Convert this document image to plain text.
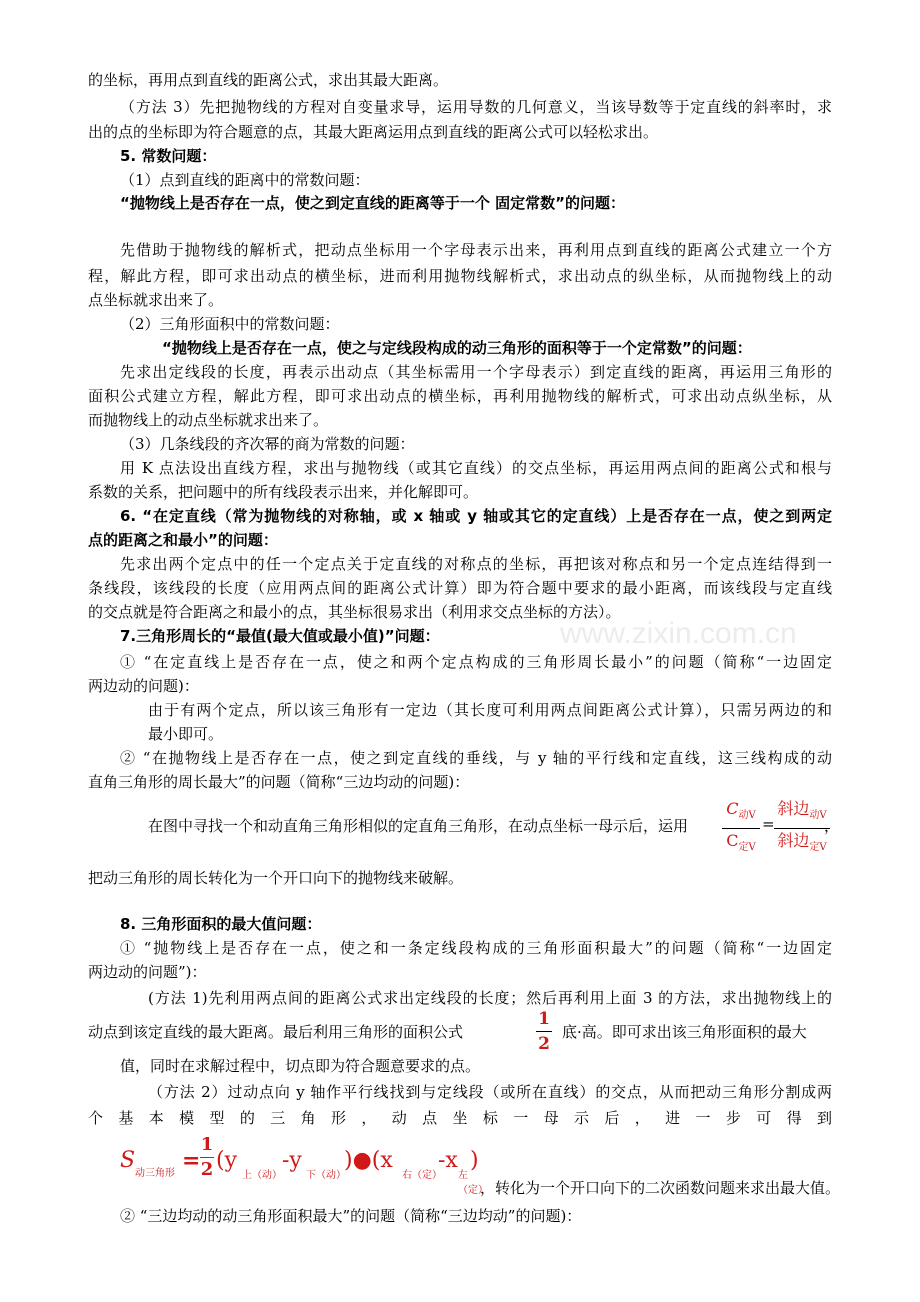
的坐标，再用点到直线的距离公式，求出其最大距离。
（方法 3）先把抛物线的方程对自变量求导，运用导数的几何意义，当该导数等于定直线的斜率时，求
出的点的坐标即为符合题意的点，其最大距离运用点到直线的距离公式可以轻松求出。
5. 常数问题：
（1）点到直线的距离中的常数问题：
“抛物线上是否存在一点，使之到定直线的距离等于一个 固定常数”的问题：
先借助于抛物线的解析式，把动点坐标用一个字母表示出来，再利用点到直线的距离公式建立一个方
程，解此方程，即可求出动点的横坐标，进而利用抛物线解析式，求出动点的纵坐标，从而抛物线上的动
点坐标就求出来了。
（2）三角形面积中的常数问题：
“抛物线上是否存在一点，使之与定线段构成的动三角形的面积等于一个定常数”的问题：
先求出定线段的长度，再表示出动点（其坐标需用一个字母表示）到定直线的距离，再运用三角形的
面积公式建立方程，解此方程，即可求出动点的横坐标，再利用抛物线的解析式，可求出动点纵坐标，从
而抛物线上的动点坐标就求出来了。
（3）几条线段的齐次幂的商为常数的问题：
用 K 点法设出直线方程，求出与抛物线（或其它直线）的交点坐标，再运用两点间的距离公式和根与
系数的关系，把问题中的所有线段表示出来，并化解即可。
6. “在定直线（常为抛物线的对称轴，或 x 轴或 y 轴或其它的定直线）上是否存在一点，使之到两定
点的距离之和最小”的问题：
先求出两个定点中的任一个定点关于定直线的对称点的坐标，再把该对称点和另一个定点连结得到一
条线段，该线段的长度（应用两点间的距离公式计算）即为符合题中要求的最小距离，而该线段与定直线
的交点就是符合距离之和最小的点，其坐标很易求出（利用求交点坐标的方法）。
7.三角形周长的“最值(最大值或最小值)”问题：
① “在定直线上是否存在一点，使之和两个定点构成的三角形周长最小”的问题（简称“一边固定
两边动的问题)：
由于有两个定点，所以该三角形有一定边（其长度可利用两点间距离公式计算），只需另两边的和
最小即可。
② “在抛物线上是否存在一点，使之到定直线的垂线，与 y 轴的平行线和定直线，这三线构成的动
直角三角形的周长最大”的问题（简称“三边均动的问题)：
在图中寻找一个和动直角三角形相似的定直角三角形，在动点坐标一母示后，运用
$C_{动V}$
$C_{定V}$
=
斜边$_{动V}$
斜边$_{定V}$
，
把动三角形的周长转化为一个开口向下的抛物线来破解。
8. 三角形面积的最大值问题：
① “抛物线上是否存在一点，使之和一条定线段构成的三角形面积最大”的问题（简称“一边固定
两边动的问题”)：
(方法 1)先利用两点间的距离公式求出定线段的长度；然后再利用上面 3 的方法，求出抛物线上的
动点到该定直线的最大距离。最后利用三角形的面积公式
1
2
底·高。即可求出该三角形面积的最大
值，同时在求解过程中，切点即为符合题意要求的点。
（方法 2）过动点向 y 轴作平行线找到与定线段（或所在直线）的交点，从而把动三角形分割成两
个 基 本 模 型 的 三 角 形 ， 动 点 坐 标 一 母 示 后 ， 进 一 步 可 得 到
S
动三角形 =
1
2 (y
上（动）
-y
下（动）
)●(x
右（定）
-x
左（定）
)
，转化为一个开口向下的二次函数问题来求出最大值。
② “三边均动的动三角形面积最大”的问题（简称“三边均动”的问题)：
www.zixin.com.cn
